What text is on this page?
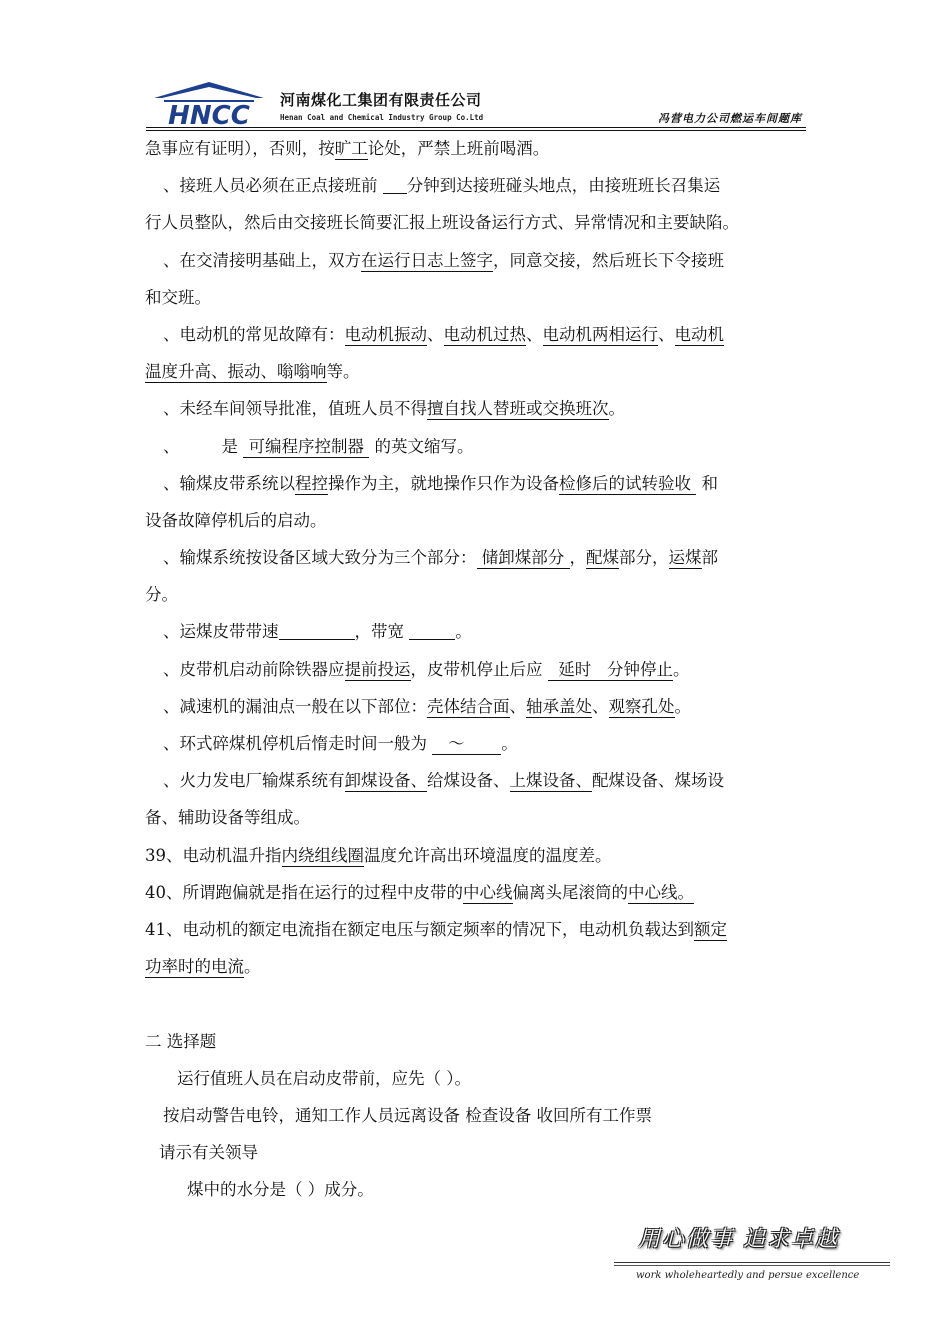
HNCC
河南煤化工集团有限责任公司
Henan Coal and Chemical Industry Group Co.Ltd	冯营电力公司燃运车间题库
急事应有证明），否则，按旷工论处，严禁上班前喝酒。
、接班人员必须在正点接班前 分钟到达接班碰头地点，由接班班长召集运
行人员整队，然后由交接班长简要汇报上班设备运行方式、异常情况和主要缺陷。
、在交清接明基础上，双方在运行日志上签字，同意交接，然后班长下令接班
和交班。
、电动机的常见故障有：电动机振动、电动机过热、电动机两相运行、电动机
温度升高、振动、嗡嗡响等。
、未经车间领导批准，值班人员不得擅自找人替班或交换班次。
、        是  可编程序控制器  的英文缩写。
、输煤皮带系统以程控操作为主，就地操作只作为设备检修后的试转验收  和
设备故障停机后的启动。
、输煤系统按设备区域大致分为三个部分： 储卸煤部分 ，配煤部分，运煤部
分。
、运煤皮带带速	，带宽	。
、皮带机启动前除铁器应提前投运，皮带机停止后应   延时   分钟停止。
、减速机的漏油点一般在以下部位：壳体结合面、轴承盖处、观察孔处。
、环式碎煤机停机后惰走时间一般为    ～       。
、火力发电厂输煤系统有卸煤设备、给煤设备、上煤设备、配煤设备、煤场设
备、辅助设备等组成。
39、电动机温升指内绕组线圈温度允许高出环境温度的温度差。
40、所谓跑偏就是指在运行的过程中皮带的中心线偏离头尾滚筒的中心线。
41、电动机的额定电流指在额定电压与额定频率的情况下，电动机负载达到额定
功率时的电流。
二 选择题
运行值班人员在启动皮带前，应先（ ）。
按启动警告电铃，通知工作人员远离设备 检查设备 收回所有工作票
请示有关领导
煤中的水分是（ ）成分。
用心做事 追求卓越
work wholeheartedly and persue excellence
